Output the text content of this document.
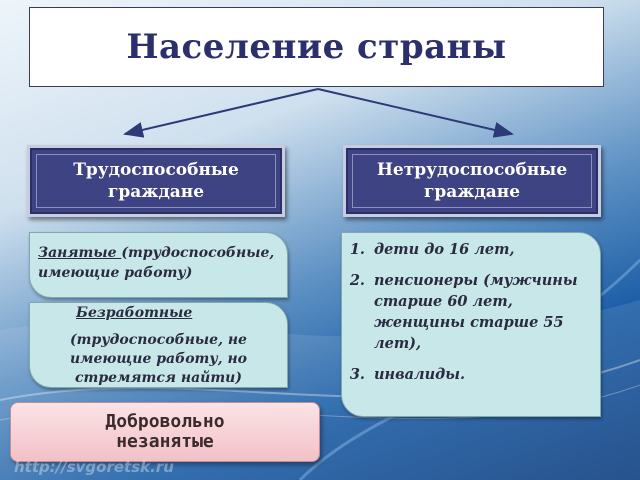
Население страны
Трудоспособные
граждане
Нетрудоспособные
граждане
Занятые (трудоспособные, имеющие работу)
Безработные
(трудоспособные, не имеющие работу, но стремятся найти)
1. дети до 16 лет,
2. пенсионеры (мужчины старше 60 лет, женщины старше 55 лет),
3. инвалиды.
Добровольно
незанятые
http://svgoretsk.ru
